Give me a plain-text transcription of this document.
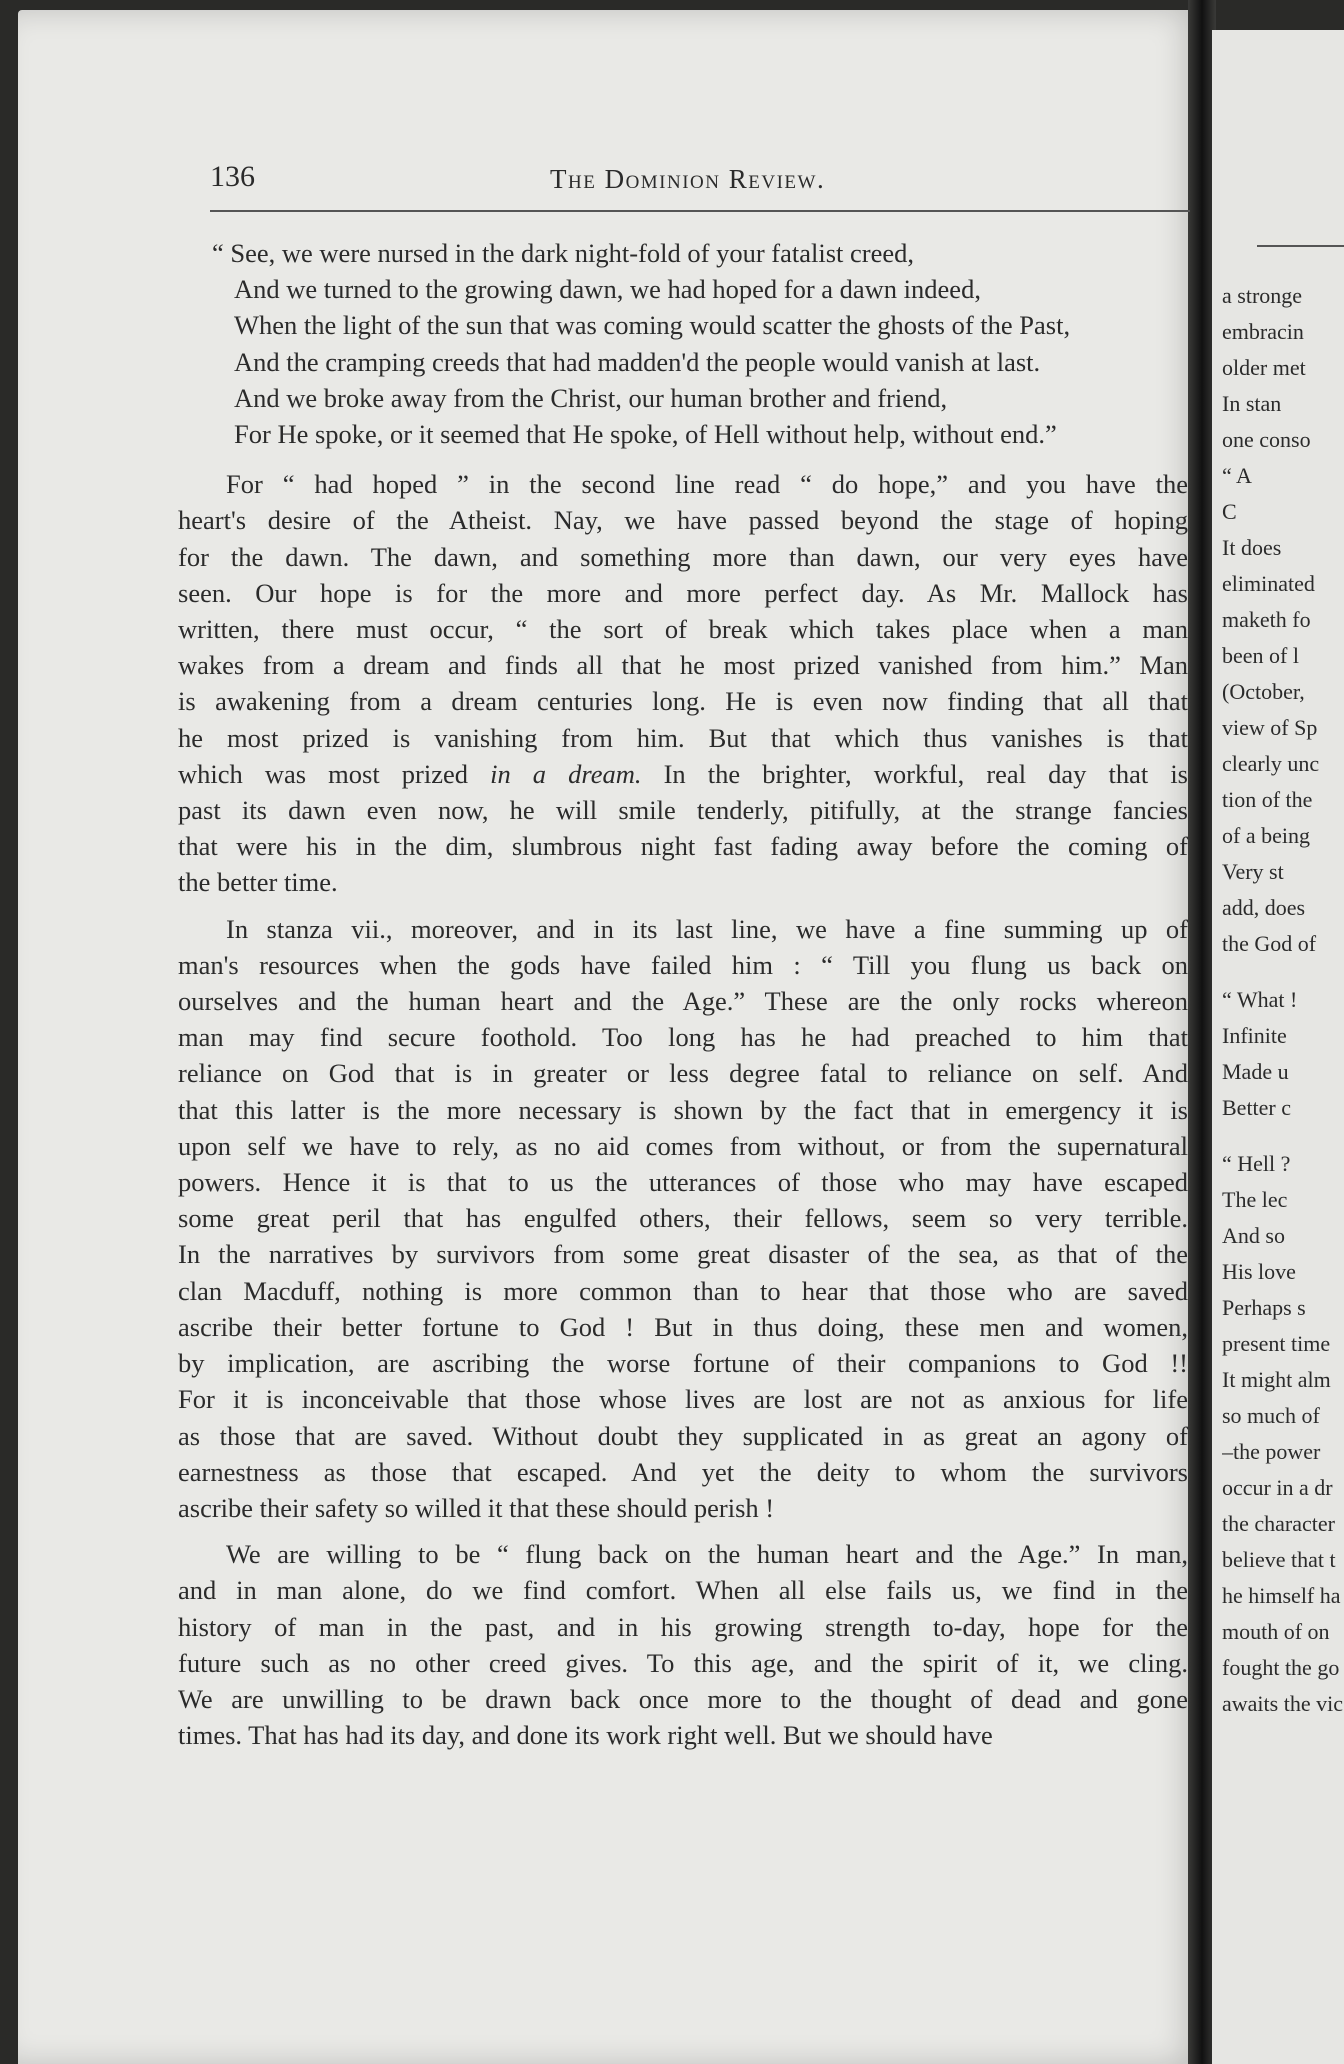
a stronge
embracin
older met
In stan
one conso
“ A
C
It does
eliminated
maketh fo
been of l
(October,
view of Sp
clearly unc
tion of the
of a being
Very st
add, does
the God of
“ What !
Infinite
Made u
Better c
“ Hell ?
The lec
And so
His love
Perhaps s
present time
It might alm
so much of
–the power
occur in a dr
the character
believe that t
he himself ha
mouth of on
fought the go
awaits the vic
136	The Dominion Review.
“ See, we were nursed in the dark night-fold of your fatalist creed,
And we turned to the growing dawn, we had hoped for a dawn indeed,
When the light of the sun that was coming would scatter the ghosts of the Past,
And the cramping creeds that had madden'd the people would vanish at last.
And we broke away from the Christ, our human brother and friend,
For He spoke, or it seemed that He spoke, of Hell without help, without end.”
For “ had hoped ” in the second line read “ do hope,” and you have the
heart's desire of the Atheist. Nay, we have passed beyond the stage of hoping
for the dawn. The dawn, and something more than dawn, our very eyes have
seen. Our hope is for the more and more perfect day. As Mr. Mallock has
written, there must occur, “ the sort of break which takes place when a man
wakes from a dream and finds all that he most prized vanished from him.” Man
is awakening from a dream centuries long. He is even now finding that all that
he most prized is vanishing from him. But that which thus vanishes is that
which was most prized in a dream. In the brighter, workful, real day that is
past its dawn even now, he will smile tenderly, pitifully, at the strange fancies
that were his in the dim, slumbrous night fast fading away before the coming of
the better time.
In stanza vii., moreover, and in its last line, we have a fine summing up of
man's resources when the gods have failed him : “ Till you flung us back on
ourselves and the human heart and the Age.” These are the only rocks whereon
man may find secure foothold. Too long has he had preached to him that
reliance on God that is in greater or less degree fatal to reliance on self. And
that this latter is the more necessary is shown by the fact that in emergency it is
upon self we have to rely, as no aid comes from without, or from the supernatural
powers. Hence it is that to us the utterances of those who may have escaped
some great peril that has engulfed others, their fellows, seem so very terrible.
In the narratives by survivors from some great disaster of the sea, as that of the
clan Macduff, nothing is more common than to hear that those who are saved
ascribe their better fortune to God ! But in thus doing, these men and women,
by implication, are ascribing the worse fortune of their companions to God !!
For it is inconceivable that those whose lives are lost are not as anxious for life
as those that are saved. Without doubt they supplicated in as great an agony of
earnestness as those that escaped. And yet the deity to whom the survivors
ascribe their safety so willed it that these should perish !
We are willing to be “ flung back on the human heart and the Age.” In man,
and in man alone, do we find comfort. When all else fails us, we find in the
history of man in the past, and in his growing strength to-day, hope for the
future such as no other creed gives. To this age, and the spirit of it, we cling.
We are unwilling to be drawn back once more to the thought of dead and gone
times. That has had its day, and done its work right well. But we should have
